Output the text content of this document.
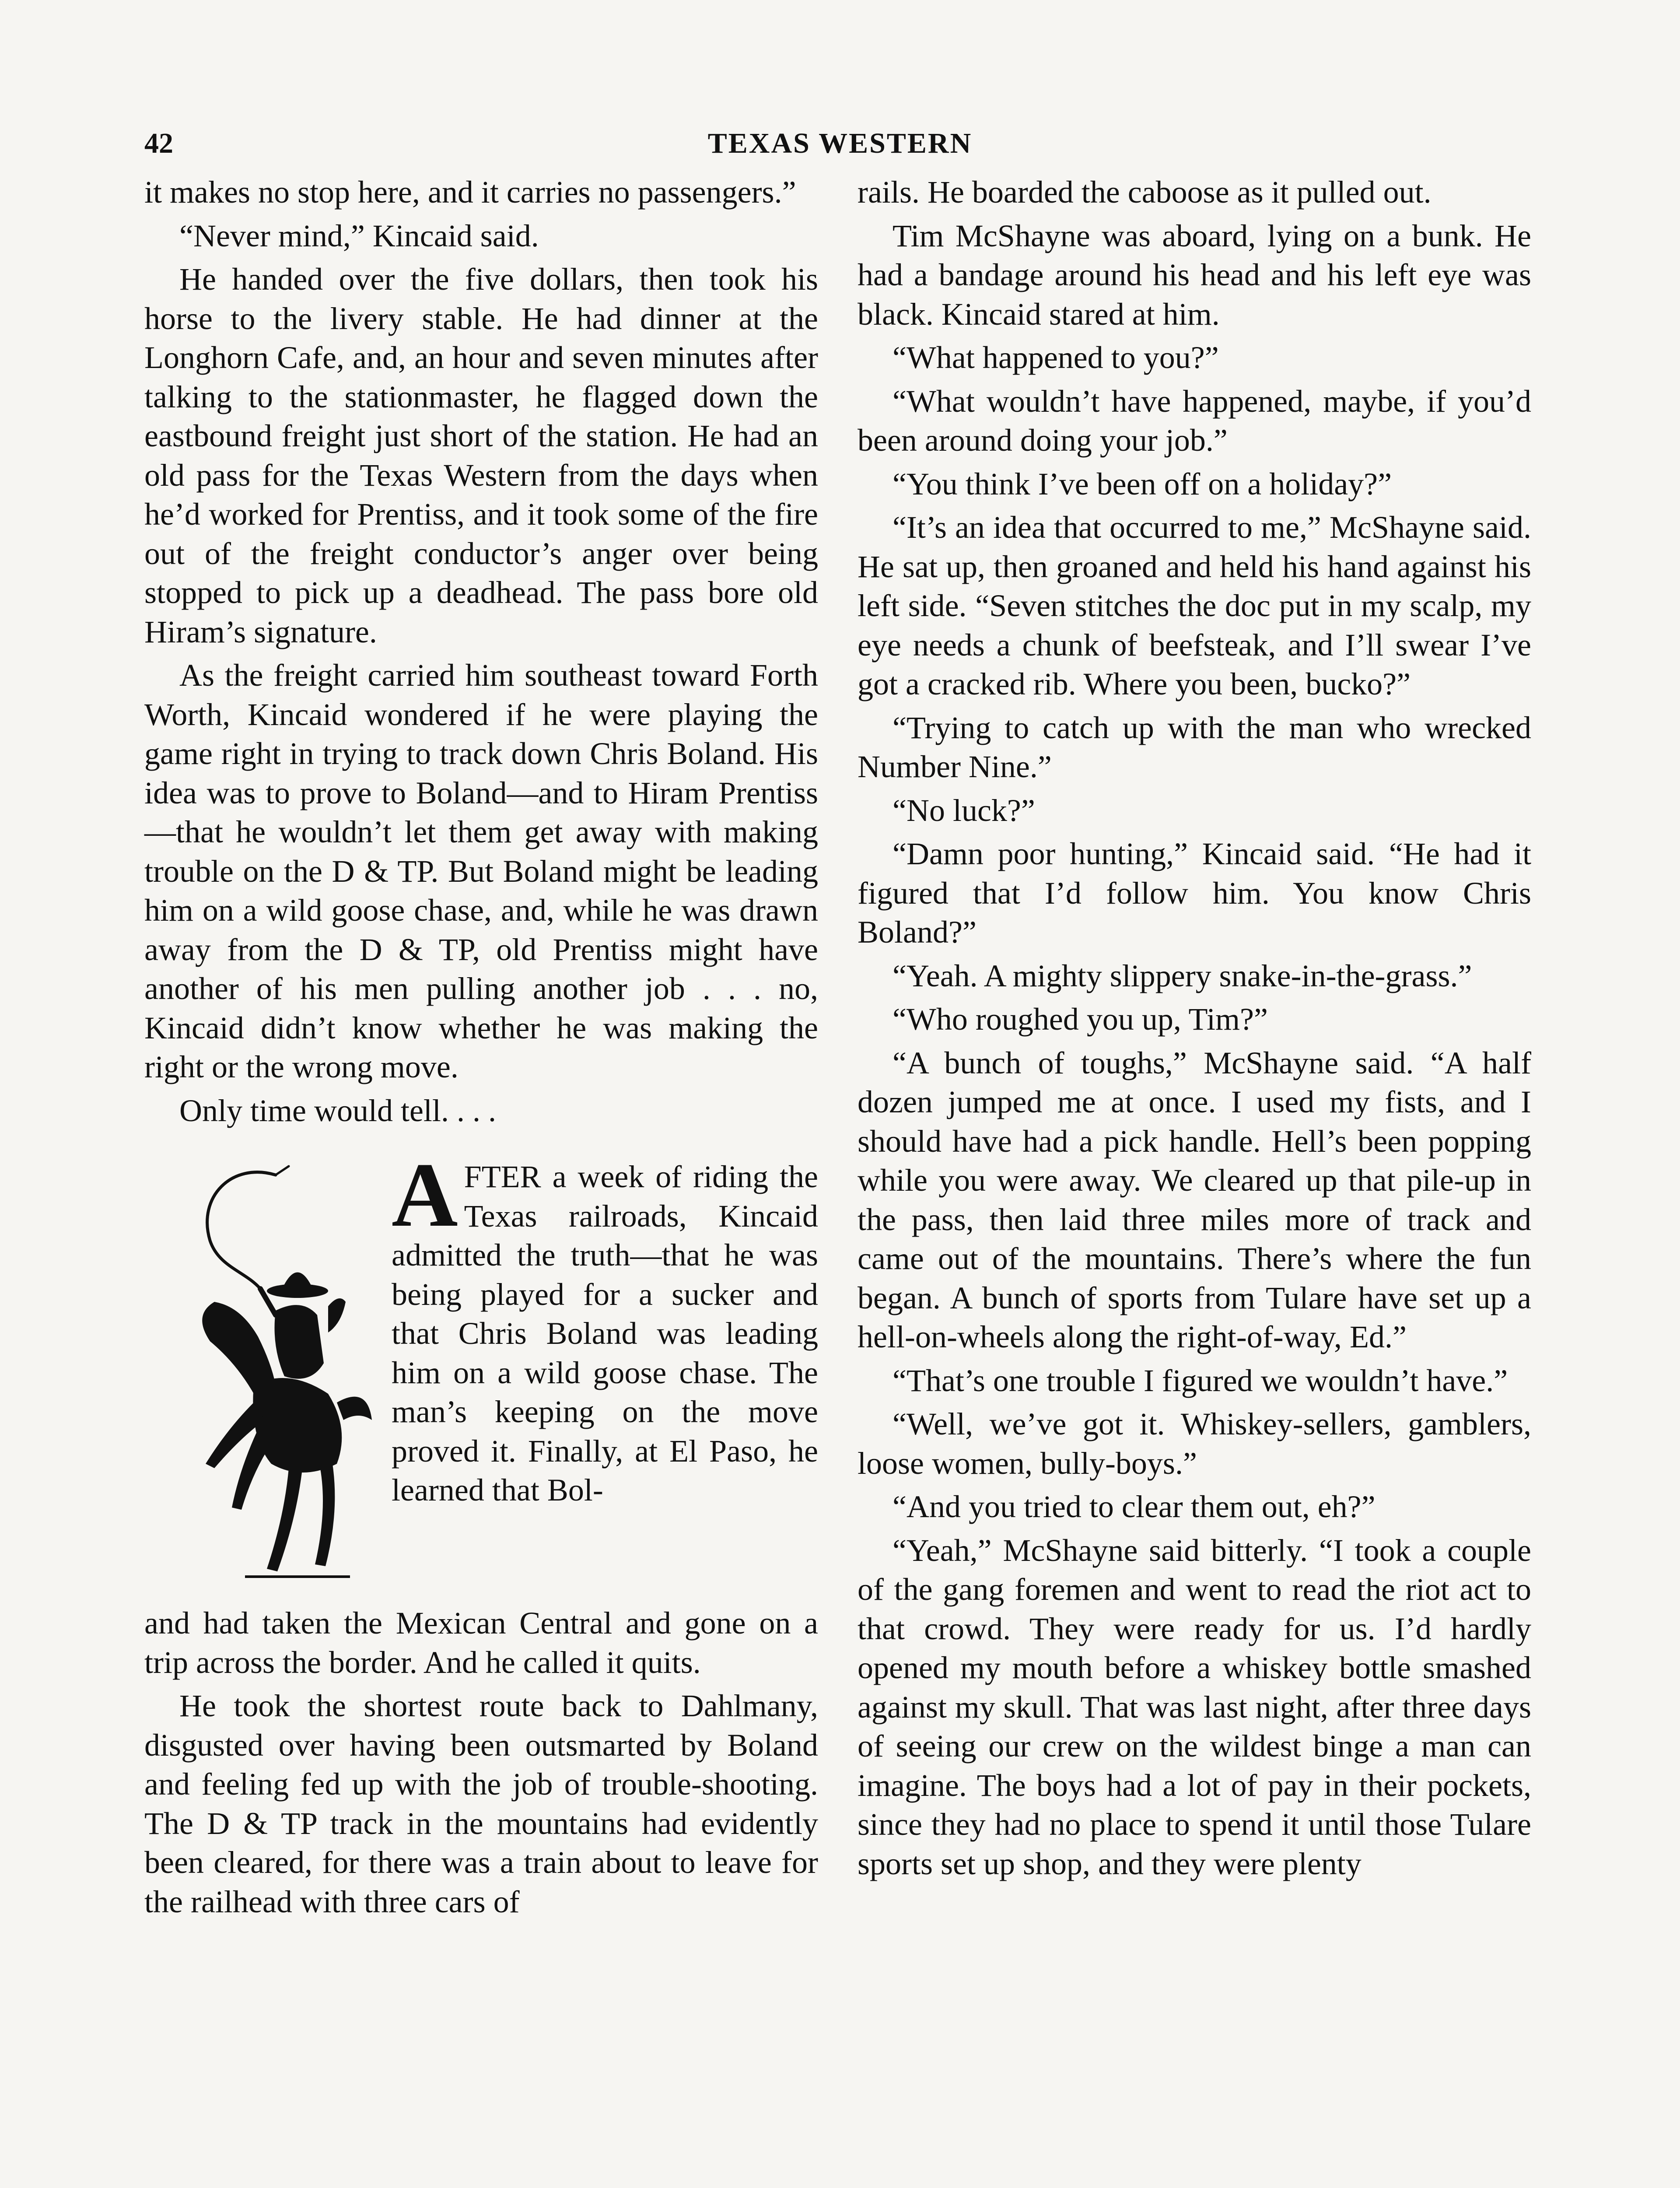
42	TEXAS WESTERN

it makes no stop here, and it carries no passengers.”

“Never mind,” Kincaid said.

He handed over the five dollars, then took his horse to the livery stable. He had dinner at the Longhorn Cafe, and, an hour and seven minutes after talking to the stationmaster, he flagged down the eastbound freight just short of the station. He had an old pass for the Texas Western from the days when he’d worked for Prentiss, and it took some of the fire out of the freight conductor’s anger over being stopped to pick up a deadhead. The pass bore old Hiram’s signature.

As the freight carried him southeast toward Forth Worth, Kincaid wondered if he were playing the game right in trying to track down Chris Boland. His idea was to prove to Boland—and to Hiram Prentiss—that he wouldn’t let them get away with making trouble on the D & TP. But Boland might be leading him on a wild goose chase, and, while he was drawn away from the D & TP, old Prentiss might have another of his men pulling another job . . . no, Kincaid didn’t know whether he was making the right or the wrong move.

Only time would tell. . . .

A FTER a week of riding the Texas railroads, Kincaid admitted the truth—that he was being played for a sucker and that Chris Boland was leading him on a wild goose chase. The man’s keeping on the move proved it. Finally, at El Paso, he learned that Bol-

and had taken the Mexican Central and gone on a trip across the border. And he called it quits.

He took the shortest route back to Dahlmany, disgusted over having been outsmarted by Boland and feeling fed up with the job of trouble-shooting. The D & TP track in the mountains had evidently been cleared, for there was a train about to leave for the railhead with three cars of

rails. He boarded the caboose as it pulled out.

Tim McShayne was aboard, lying on a bunk. He had a bandage around his head and his left eye was black. Kincaid stared at him.

“What happened to you?”

“What wouldn’t have happened, maybe, if you’d been around doing your job.”

“You think I’ve been off on a holiday?”

“It’s an idea that occurred to me,” McShayne said. He sat up, then groaned and held his hand against his left side. “Seven stitches the doc put in my scalp, my eye needs a chunk of beefsteak, and I’ll swear I’ve got a cracked rib. Where you been, bucko?”

“Trying to catch up with the man who wrecked Number Nine.”

“No luck?”

“Damn poor hunting,” Kincaid said. “He had it figured that I’d follow him. You know Chris Boland?”

“Yeah. A mighty slippery snake-in-the-grass.”

“Who roughed you up, Tim?”

“A bunch of toughs,” McShayne said. “A half dozen jumped me at once. I used my fists, and I should have had a pick handle. Hell’s been popping while you were away. We cleared up that pile-up in the pass, then laid three miles more of track and came out of the mountains. There’s where the fun began. A bunch of sports from Tulare have set up a hell-on-wheels along the right-of-way, Ed.”

“That’s one trouble I figured we wouldn’t have.”

“Well, we’ve got it. Whiskey-sellers, gamblers, loose women, bully-boys.”

“And you tried to clear them out, eh?”

“Yeah,” McShayne said bitterly. “I took a couple of the gang foremen and went to read the riot act to that crowd. They were ready for us. I’d hardly opened my mouth before a whiskey bottle smashed against my skull. That was last night, after three days of seeing our crew on the wildest binge a man can imagine. The boys had a lot of pay in their pockets, since they had no place to spend it until those Tulare sports set up shop, and they were plenty
